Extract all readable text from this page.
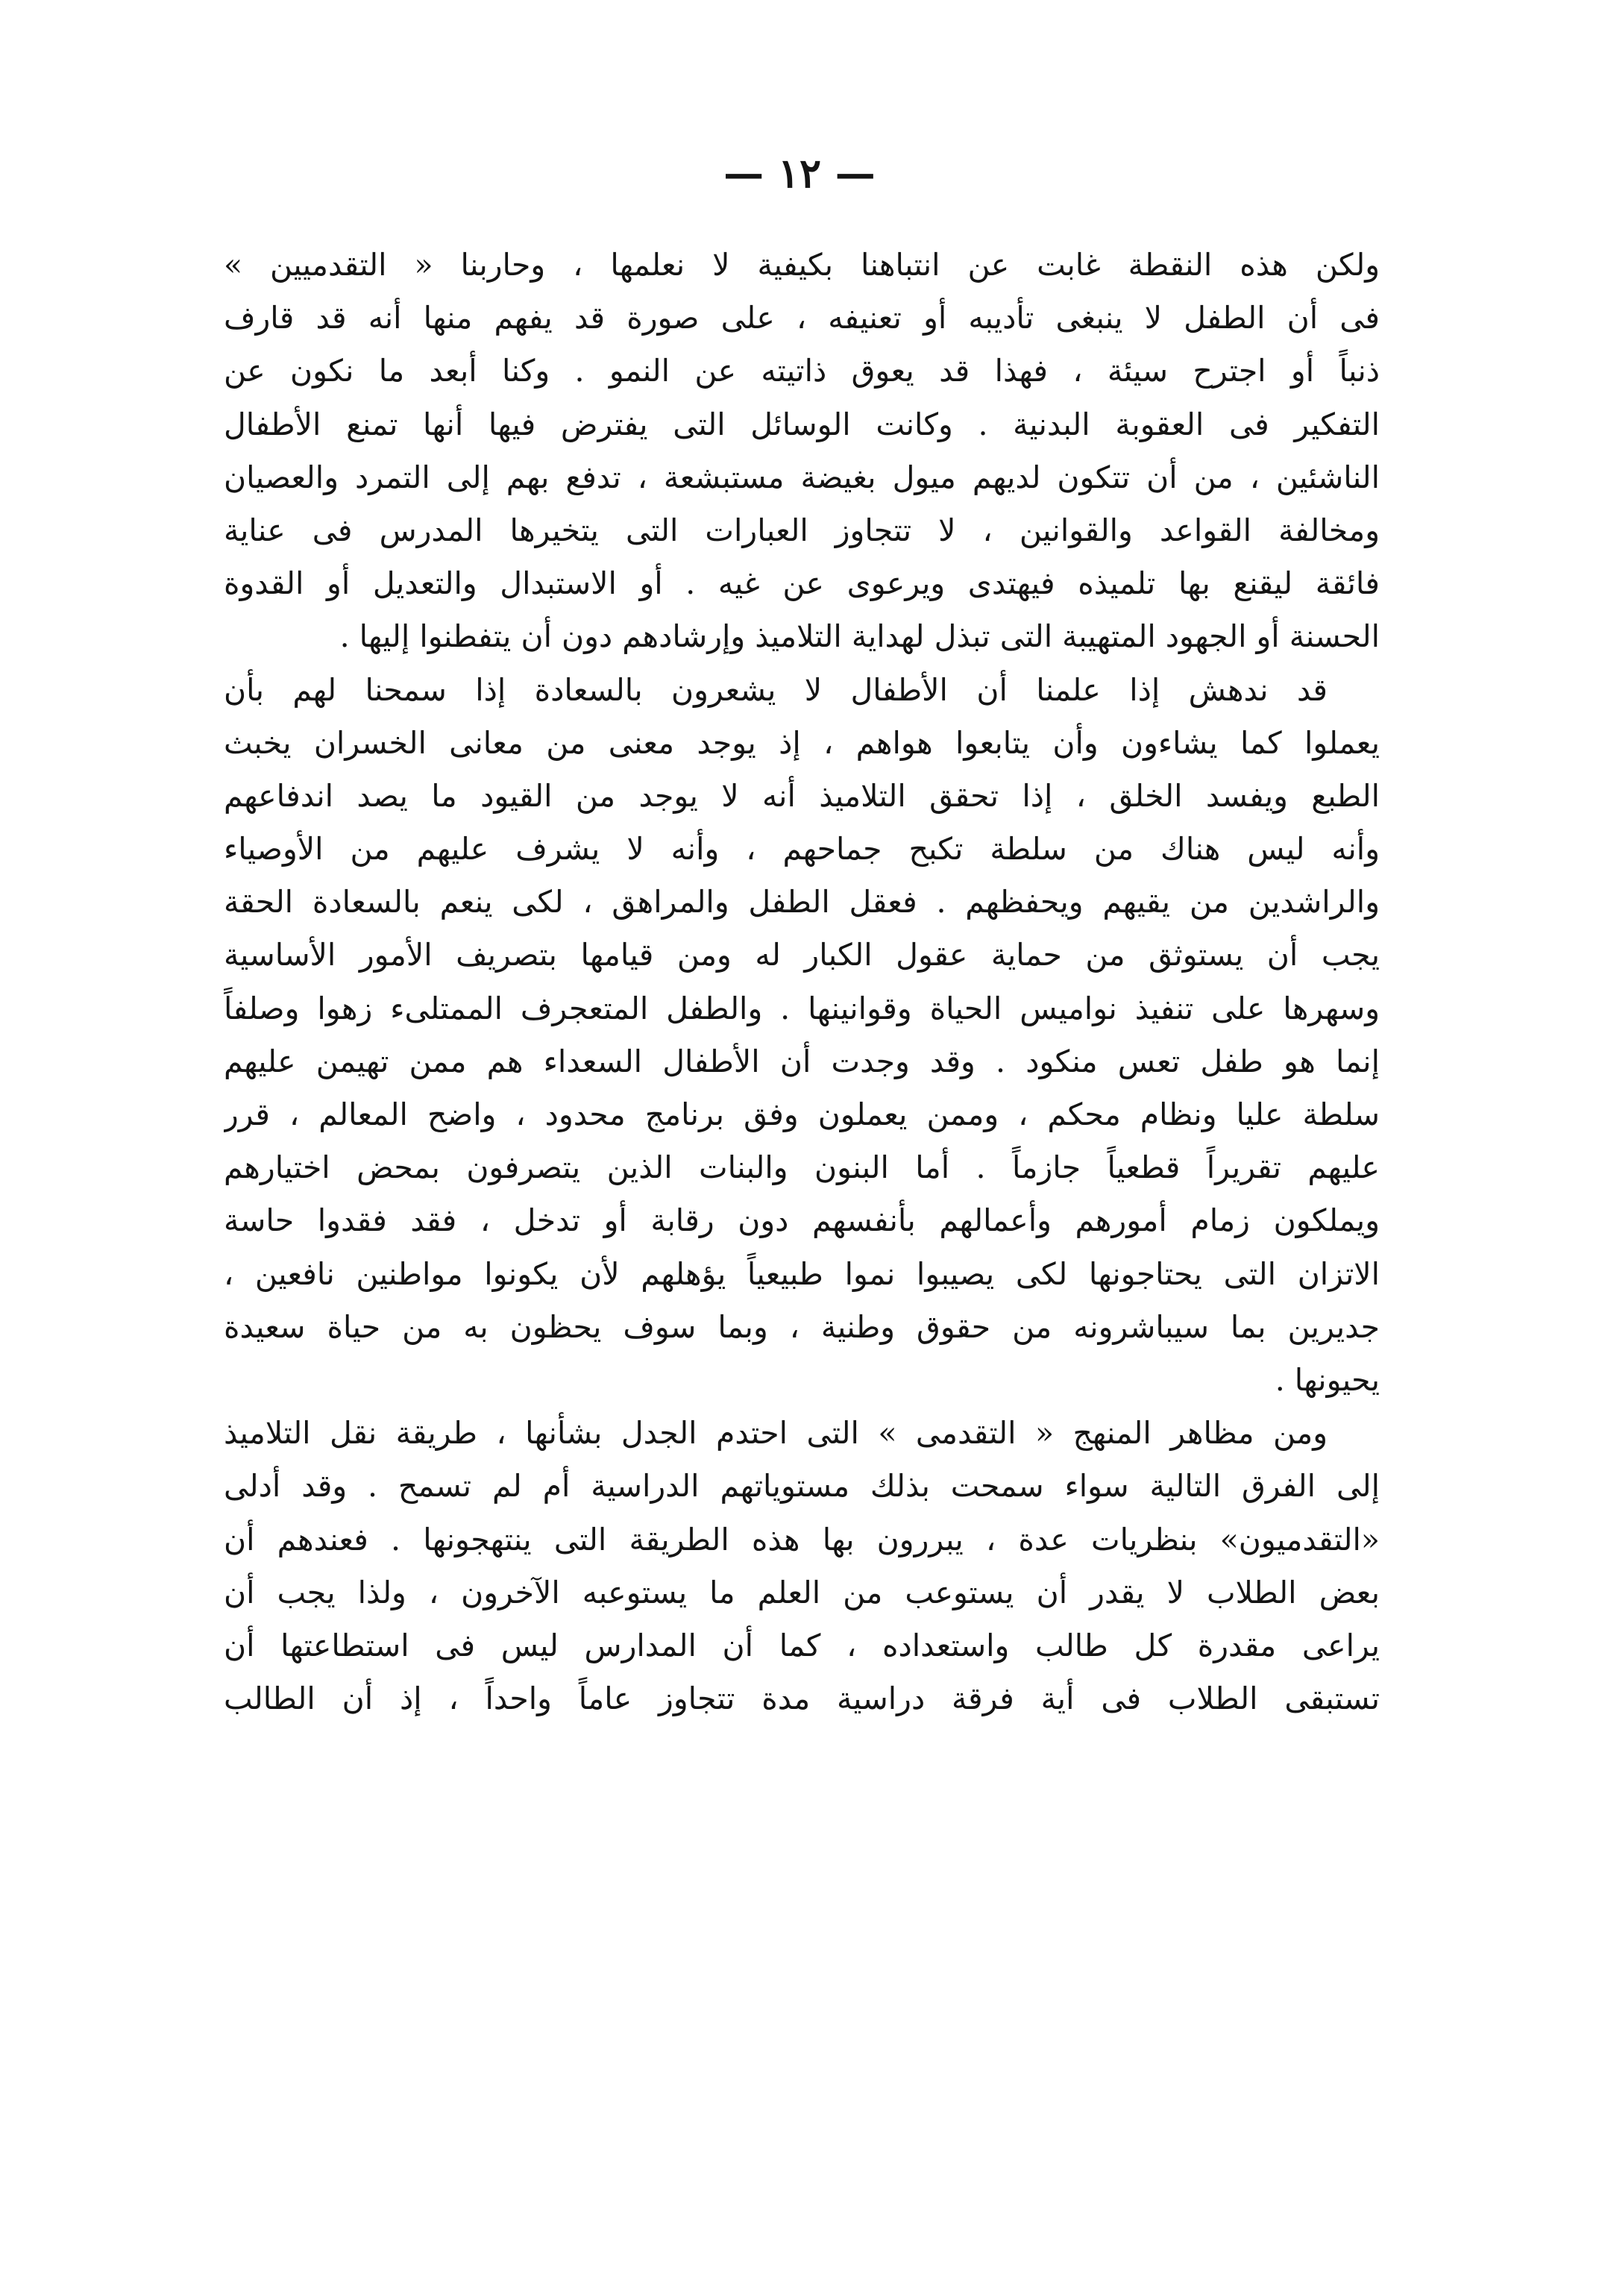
— ١٢ —
ولكن هذه النقطة غابت عن انتباهنا بكيفية لا نعلمها ، وحاربنا « التقدميين »
فى أن الطفل لا ينبغى تأديبه أو تعنيفه ، على صورة قد يفهم منها أنه قد قارف
ذنباً أو اجترح سيئة ، فهذا قد يعوق ذاتيته عن النمو . وكنا أبعد ما نكون عن
التفكير فى العقوبة البدنية . وكانت الوسائل التى يفترض فيها أنها تمنع الأطفال
الناشئين ، من أن تتكون لديهم ميول بغيضة مستبشعة ، تدفع بهم إلى التمرد والعصيان
ومخالفة القواعد والقوانين ، لا تتجاوز العبارات التى يتخيرها المدرس فى عناية
فائقة ليقنع بها تلميذه فيهتدى ويرعوى عن غيه . أو الاستبدال والتعديل أو القدوة
الحسنة أو الجهود المتهيبة التى تبذل لهداية التلاميذ وإرشادهم دون أن يتفطنوا إليها .
قد ندهش إذا علمنا أن الأطفال لا يشعرون بالسعادة إذا سمحنا لهم بأن
يعملوا كما يشاءون وأن يتابعوا هواهم ، إذ يوجد معنى من معانى الخسران يخبث
الطبع ويفسد الخلق ، إذا تحقق التلاميذ أنه لا يوجد من القيود ما يصد اندفاعهم
وأنه ليس هناك من سلطة تكبح جماحهم ، وأنه لا يشرف عليهم من الأوصياء
والراشدين من يقيهم ويحفظهم . فعقل الطفل والمراهق ، لكى ينعم بالسعادة الحقة
يجب أن يستوثق من حماية عقول الكبار له ومن قيامها بتصريف الأمور الأساسية
وسهرها على تنفيذ نواميس الحياة وقوانينها . والطفل المتعجرف الممتلىء زهوا وصلفاً
إنما هو طفل تعس منكود . وقد وجدت أن الأطفال السعداء هم ممن تهيمن عليهم
سلطة عليا ونظام محكم ، وممن يعملون وفق برنامج محدود ، واضح المعالم ، قرر
عليهم تقريراً قطعياً جازماً . أما البنون والبنات الذين يتصرفون بمحض اختيارهم
ويملكون زمام أمورهم وأعمالهم بأنفسهم دون رقابة أو تدخل ، فقد فقدوا حاسة
الاتزان التى يحتاجونها لكى يصيبوا نموا طبيعياً يؤهلهم لأن يكونوا مواطنين نافعين ،
جديرين بما سيباشرونه من حقوق وطنية ، وبما سوف يحظون به من حياة سعيدة
يحيونها .
ومن مظاهر المنهج « التقدمى » التى احتدم الجدل بشأنها ، طريقة نقل التلاميذ
إلى الفرق التالية سواء سمحت بذلك مستوياتهم الدراسية أم لم تسمح . وقد أدلى
«التقدميون» بنظريات عدة ، يبررون بها هذه الطريقة التى ينتهجونها . فعندهم أن
بعض الطلاب لا يقدر أن يستوعب من العلم ما يستوعبه الآخرون ، ولذا يجب أن
يراعى مقدرة كل طالب واستعداده ، كما أن المدارس ليس فى استطاعتها أن
تستبقى الطلاب فى أية فرقة دراسية مدة تتجاوز عاماً واحداً ، إذ أن الطالب
